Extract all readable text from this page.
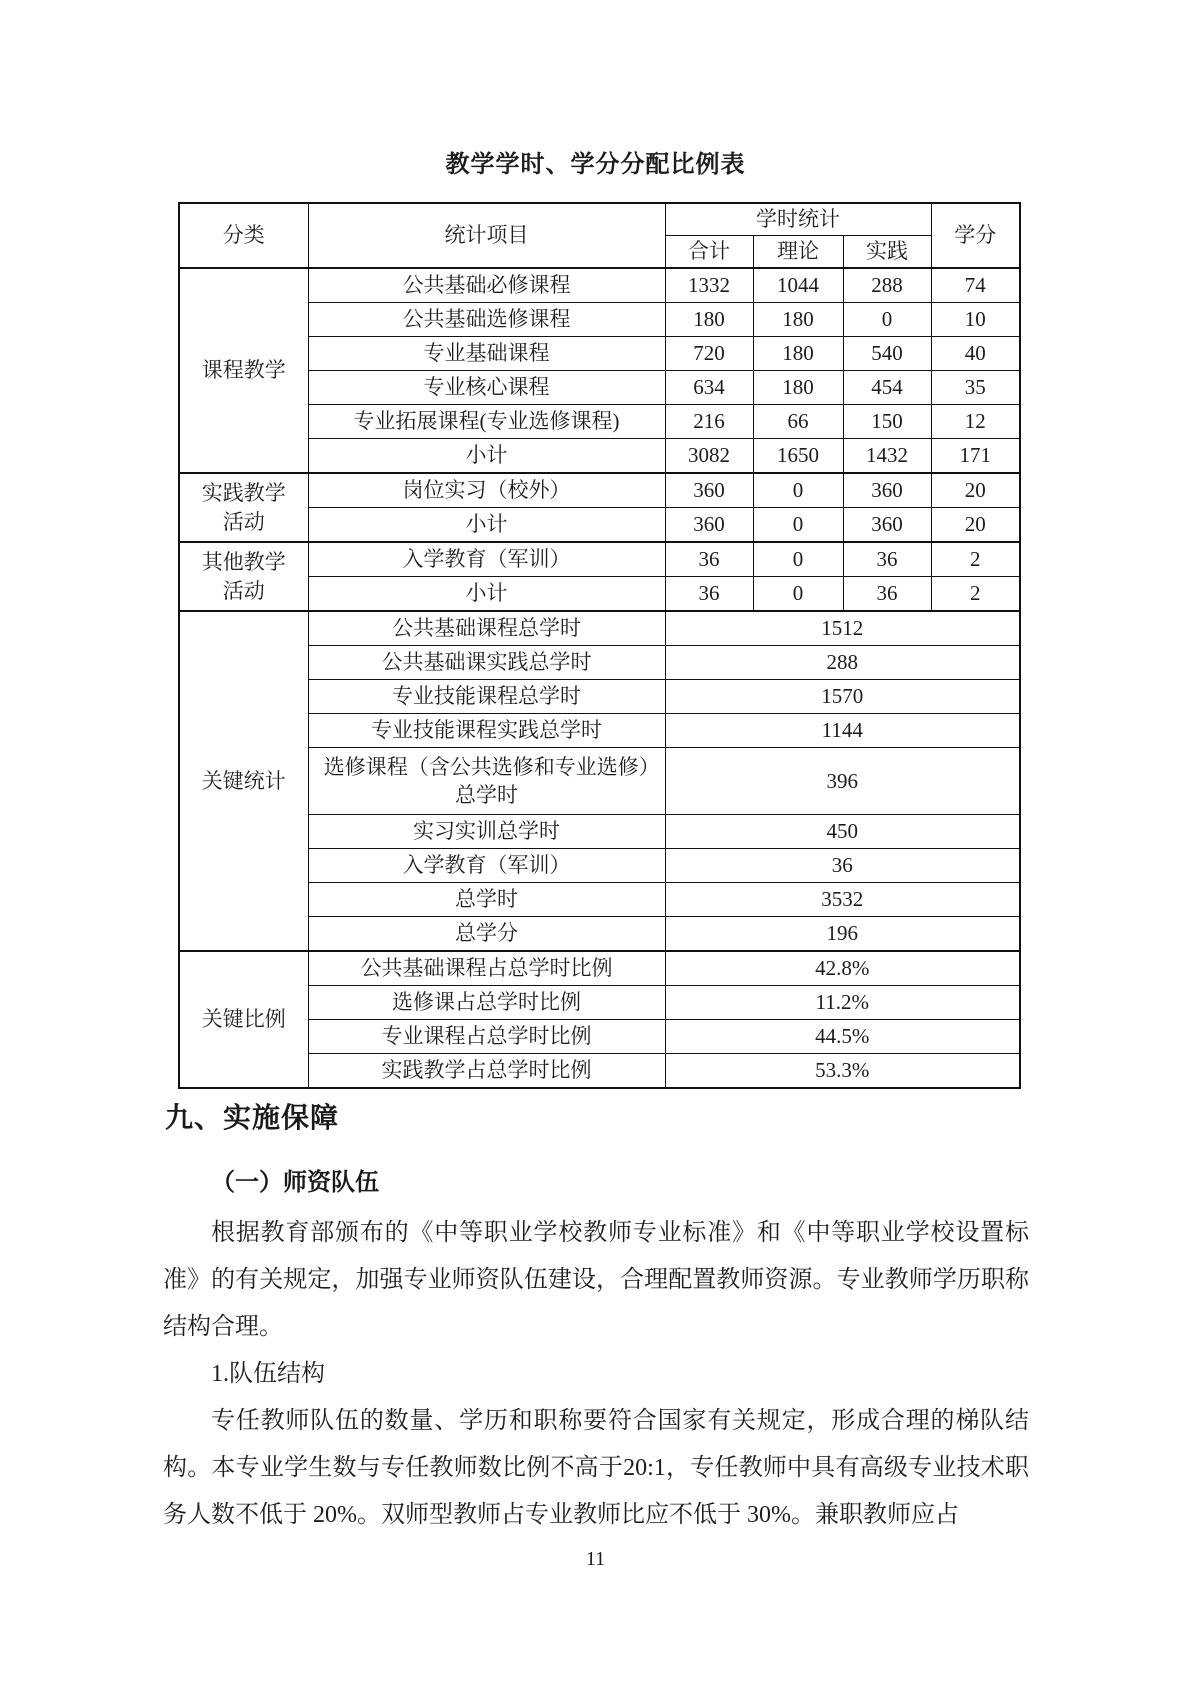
教学学时、学分分配比例表
分类	统计项目	学时统计			学分
		合计	理论	实践	
课程教学	公共基础必修课程	1332	1044	288	74
	公共基础选修课程	180	180	0	10
	专业基础课程	720	180	540	40
	专业核心课程	634	180	454	35
	专业拓展课程(专业选修课程)	216	66	150	12
	小计	3082	1650	1432	171
实践教学活动	岗位实习（校外）	360	0	360	20
	小计	360	0	360	20
其他教学活动	入学教育（军训）	36	0	36	2
	小计	36	0	36	2
关键统计	公共基础课程总学时	1512			
	公共基础课实践总学时	288			
	专业技能课程总学时	1570			
	专业技能课程实践总学时	1144			
	选修课程（含公共选修和专业选修）总学时	396			
	实习实训总学时	450			
	入学教育（军训）	36			
	总学时	3532			
	总学分	196			
关键比例	公共基础课程占总学时比例	42.8%			
	选修课占总学时比例	11.2%			
	专业课程占总学时比例	44.5%			
	实践教学占总学时比例	53.3%			
九、实施保障
（一）师资队伍
根据教育部颁布的《中等职业学校教师专业标准》和《中等职业学校设置标准》的有关规定，加强专业师资队伍建设，合理配置教师资源。专业教师学历职称结构合理。
1.队伍结构
专任教师队伍的数量、学历和职称要符合国家有关规定，形成合理的梯队结构。本专业学生数与专任教师数比例不高于20:1，专任教师中具有高级专业技术职务人数不低于 20%。双师型教师占专业教师比应不低于 30%。兼职教师应占
11
